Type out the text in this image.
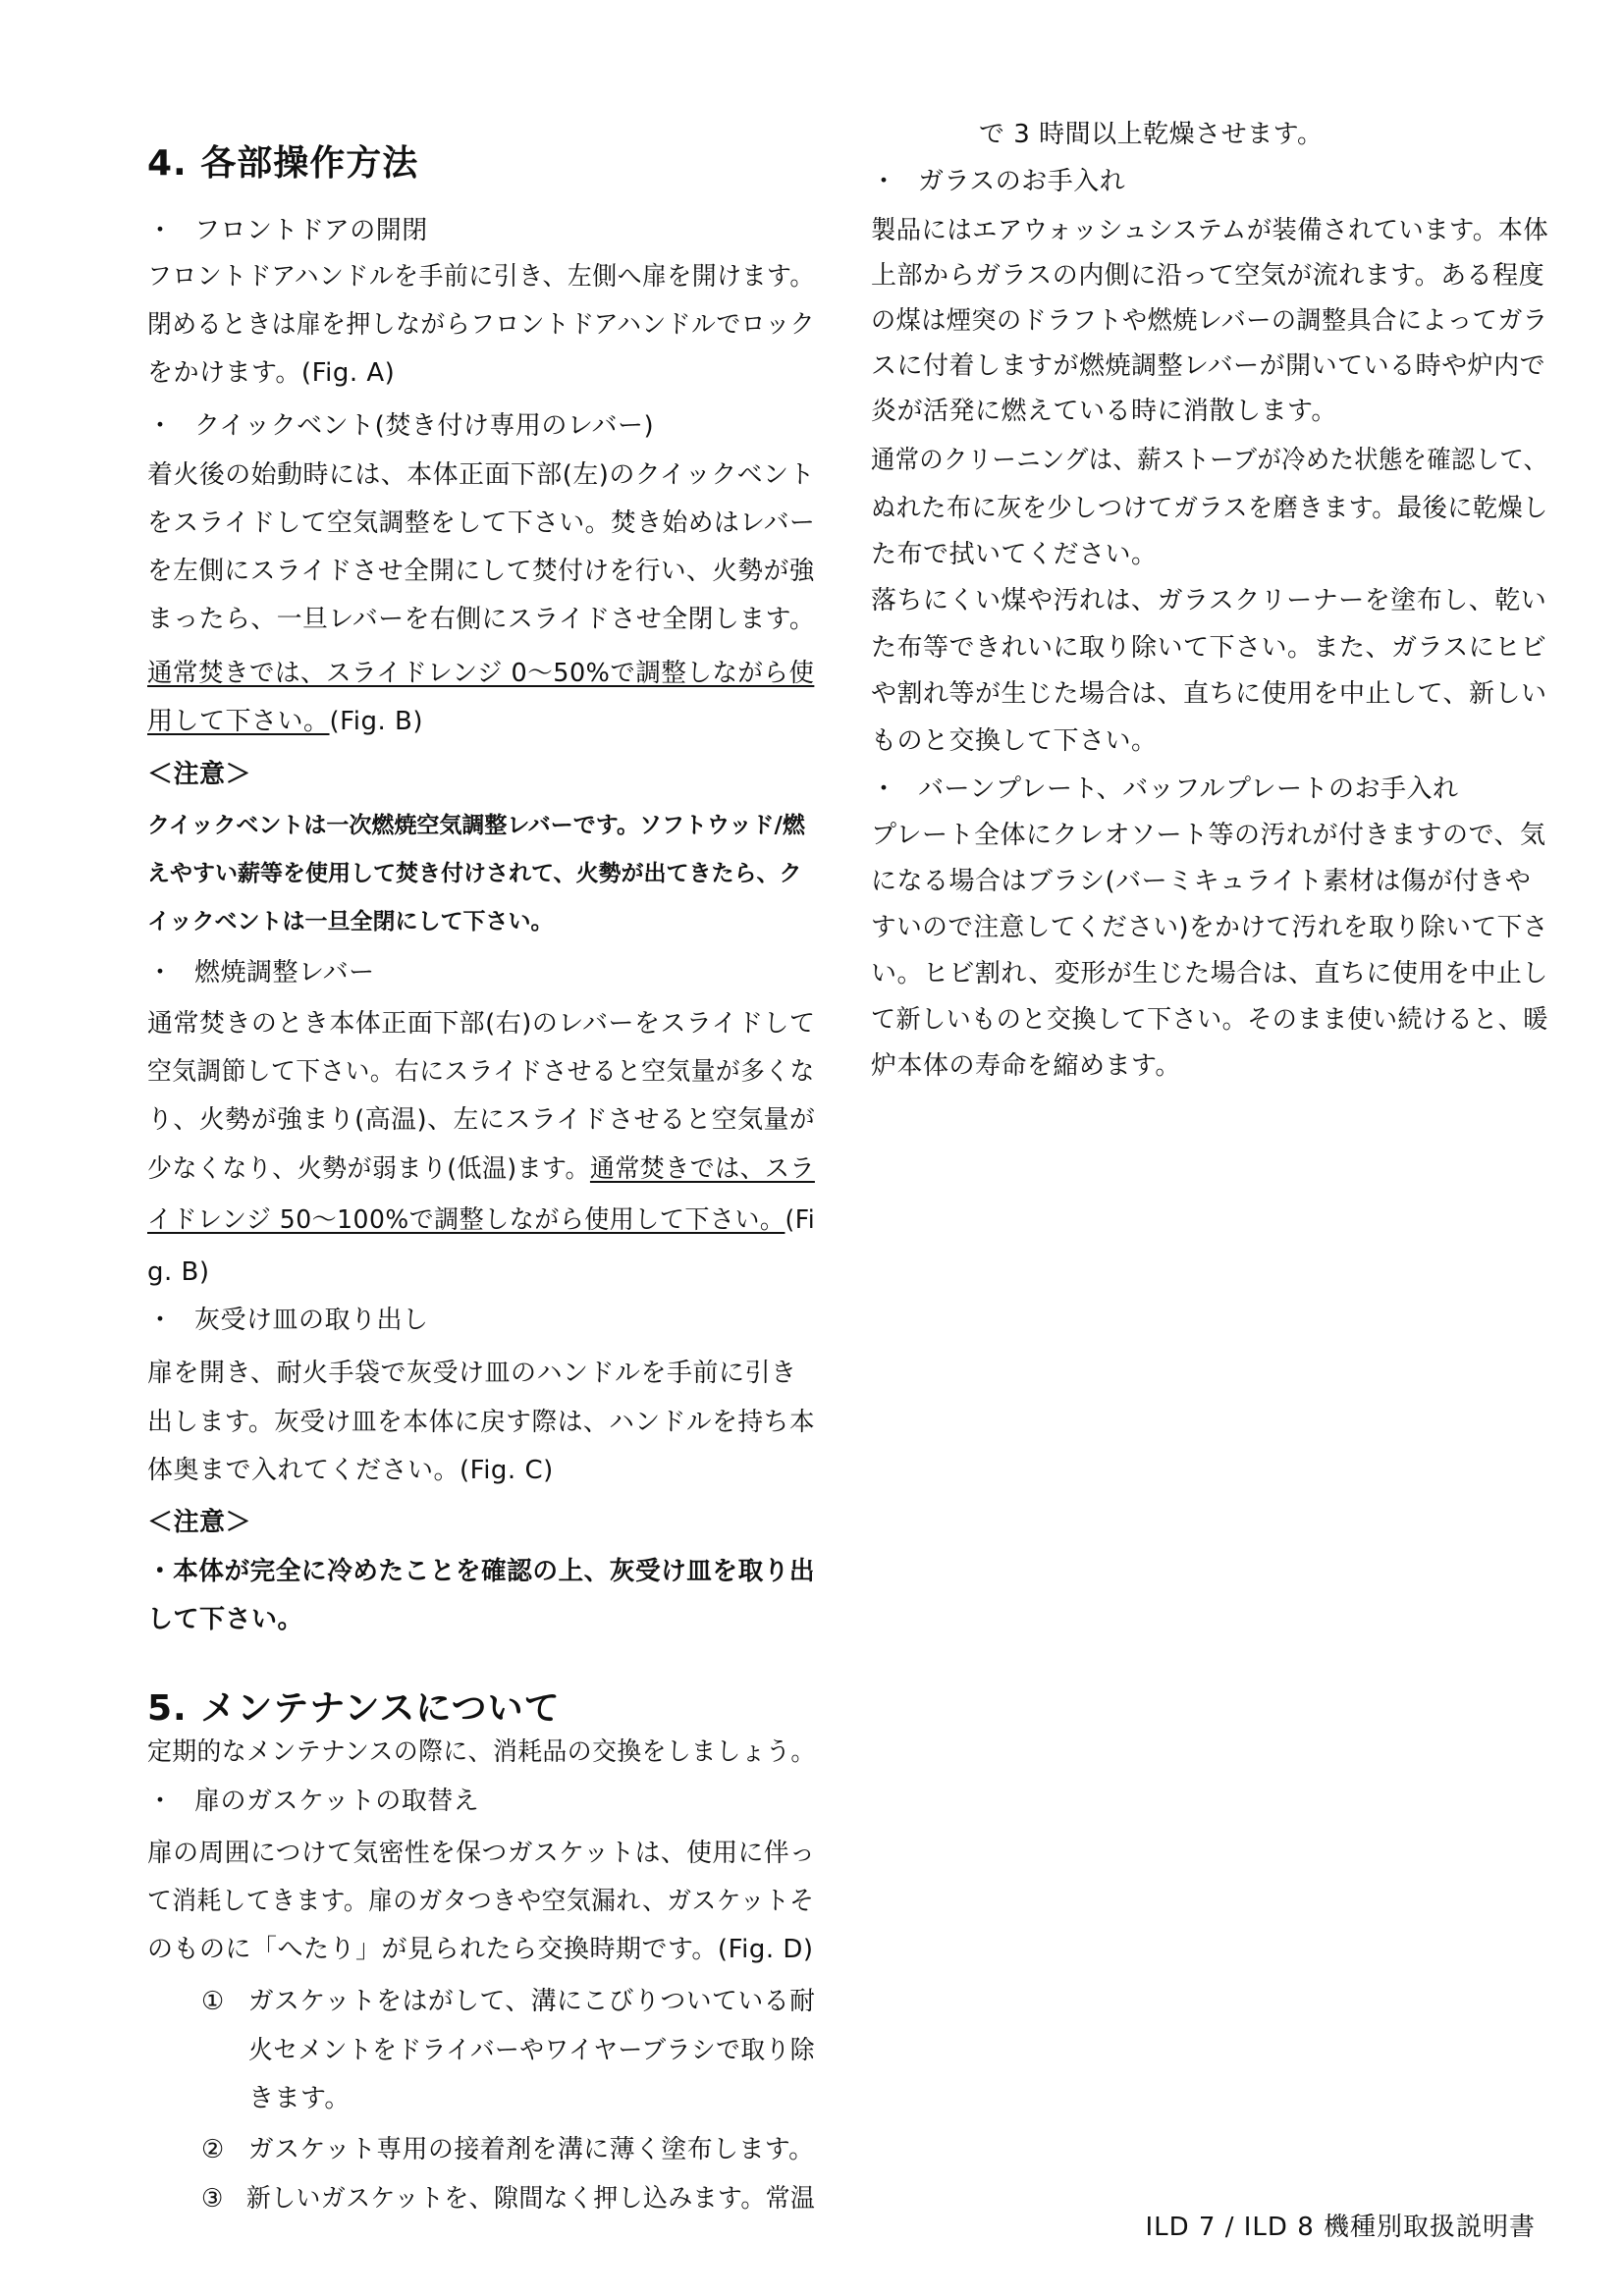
4. 各部操作方法
・ フロントドアの開閉
フロントドアハンドルを手前に引き、左側へ扉を開けます。
閉めるときは扉を押しながらフロントドアハンドルでロック
をかけます。(Fig. A)
・ クイックベント(焚き付け専用のレバー)
着火後の始動時には、本体正面下部(左)のクイックベント
をスライドして空気調整をして下さい。焚き始めはレバー
を左側にスライドさせ全開にして焚付けを行い、火勢が強
まったら、一旦レバーを右側にスライドさせ全閉します。
通常焚きでは、スライドレンジ 0～50%で調整しながら使
用して下さい。(Fig. B)
＜注意＞
クイックベントは一次燃焼空気調整レバーです。ソフトウッド/燃
えやすい薪等を使用して焚き付けされて、火勢が出てきたら、ク
イックベントは一旦全閉にして下さい。
・ 燃焼調整レバー
通常焚きのとき本体正面下部(右)のレバーをスライドして
空気調節して下さい。右にスライドさせると空気量が多くな
り、火勢が強まり(高温)、左にスライドさせると空気量が
少なくなり、火勢が弱まり(低温)ます。通常焚きでは、スラ
イドレンジ 50～100%で調整しながら使用して下さい。(Fi
g. B)
・ 灰受け皿の取り出し
扉を開き、耐火手袋で灰受け皿のハンドルを手前に引き
出します。灰受け皿を本体に戻す際は、ハンドルを持ち本
体奥まで入れてください。(Fig. C)
＜注意＞
・本体が完全に冷めたことを確認の上、灰受け皿を取り出
して下さい。
5. メンテナンスについて
定期的なメンテナンスの際に、消耗品の交換をしましょう。
・ 扉のガスケットの取替え
扉の周囲につけて気密性を保つガスケットは、使用に伴っ
て消耗してきます。扉のガタつきや空気漏れ、ガスケットそ
のものに「へたり」が見られたら交換時期です。(Fig. D)
① ガスケットをはがして、溝にこびりついている耐
火セメントをドライバーやワイヤーブラシで取り除
きます。
② ガスケット専用の接着剤を溝に薄く塗布します。
③ 新しいガスケットを、隙間なく押し込みます。常温
で 3 時間以上乾燥させます。
・ ガラスのお手入れ
製品にはエアウォッシュシステムが装備されています。本体
上部からガラスの内側に沿って空気が流れます。ある程度
の煤は煙突のドラフトや燃焼レバーの調整具合によってガラ
スに付着しますが燃焼調整レバーが開いている時や炉内で
炎が活発に燃えている時に消散します。
通常のクリーニングは、薪ストーブが冷めた状態を確認して、
ぬれた布に灰を少しつけてガラスを磨きます。最後に乾燥し
た布で拭いてください。
落ちにくい煤や汚れは、ガラスクリーナーを塗布し、乾い
た布等できれいに取り除いて下さい。また、ガラスにヒビ
や割れ等が生じた場合は、直ちに使用を中止して、新しい
ものと交換して下さい。
・ バーンプレート、バッフルプレートのお手入れ
プレート全体にクレオソート等の汚れが付きますので、気
になる場合はブラシ(バーミキュライト素材は傷が付きや
すいので注意してください)をかけて汚れを取り除いて下さ
い。ヒビ割れ、変形が生じた場合は、直ちに使用を中止し
て新しいものと交換して下さい。そのまま使い続けると、暖
炉本体の寿命を縮めます。
ILD 7 / ILD 8 機種別取扱説明書
